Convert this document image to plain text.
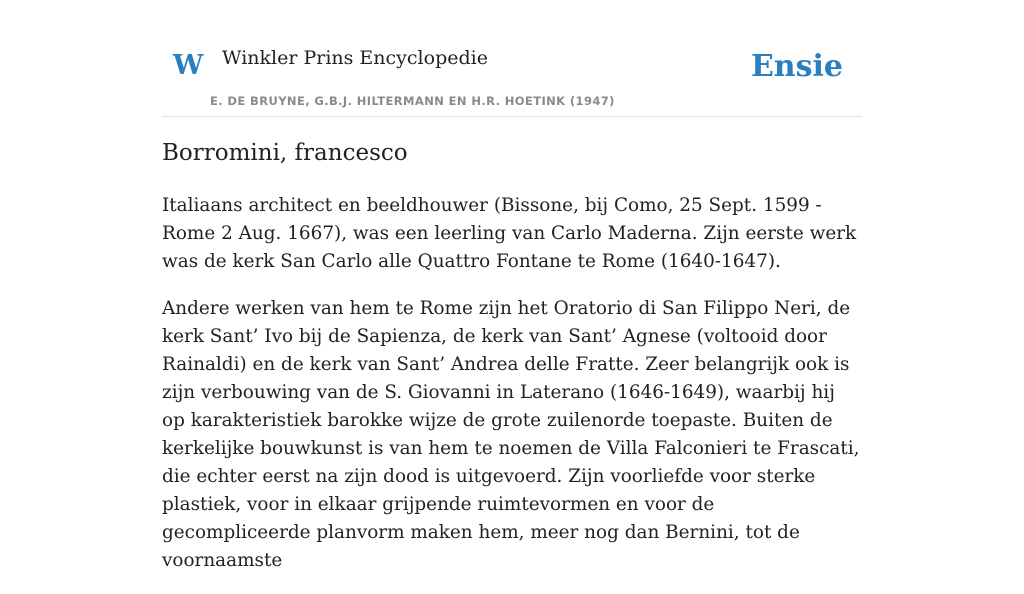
W Winkler Prins Encyclopedie
E. DE BRUYNE, G.B.J. HILTERMANN EN H.R. HOETINK (1947)
Ensie
Borromini, francesco

Italiaans architect en beeldhouwer (Bissone, bij Como, 25 Sept. 1599 - Rome 2 Aug. 1667), was een leerling van Carlo Maderna. Zijn eerste werk was de kerk San Carlo alle Quattro Fontane te Rome (1640-1647).

Andere werken van hem te Rome zijn het Oratorio di San Filippo Neri, de kerk Sant’ Ivo bij de Sapienza, de kerk van Sant’ Agnese (voltooid door Rainaldi) en de kerk van Sant’ Andrea delle Fratte. Zeer belangrijk ook is zijn verbouwing van de S. Giovanni in Laterano (1646-1649), waarbij hij op karakteristiek barokke wijze de grote zuilenorde toepaste. Buiten de kerkelijke bouwkunst is van hem te noemen de Villa Falconieri te Frascati, die echter eerst na zijn dood is uitgevoerd. Zijn voorliefde voor sterke plastiek, voor in elkaar grijpende ruimtevormen en voor de gecompliceerde planvorm maken hem, meer nog dan Bernini, tot de voornaamste
